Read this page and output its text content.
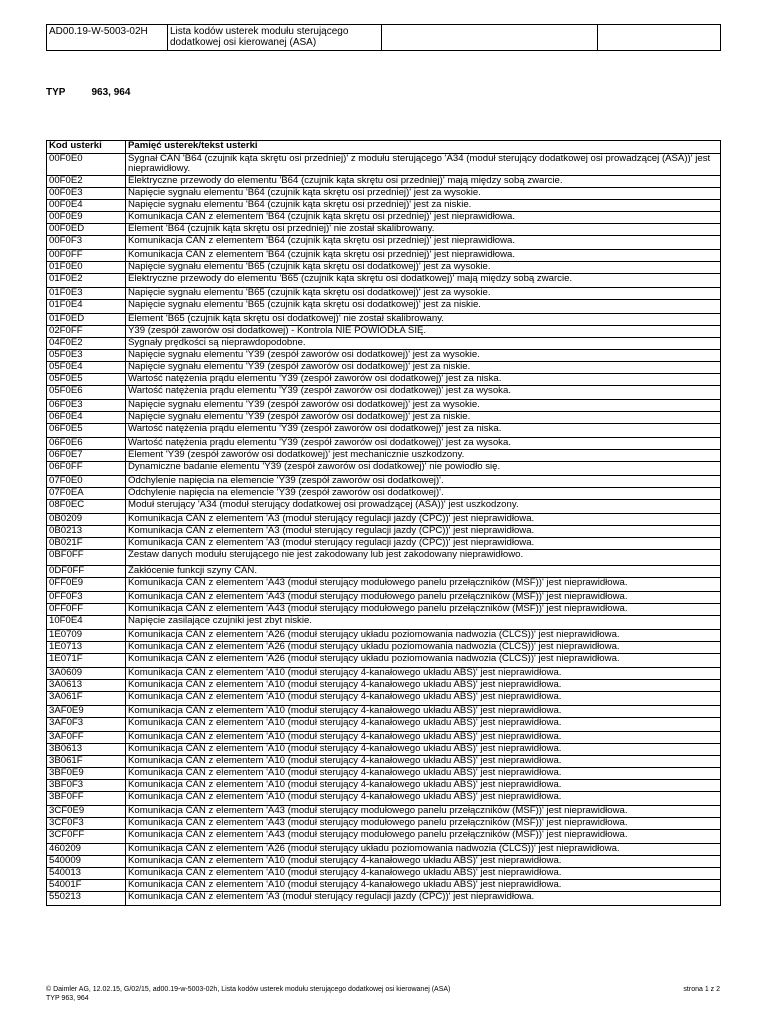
AD00.19-W-5003-02H	Lista kodów usterek modułu sterującego dodatkowej osi kierowanej (ASA)		
TYP	963, 964
Kod usterki	Pamięć usterek/tekst usterki
00F0E0	Sygnał CAN 'B64 (czujnik kąta skrętu osi przedniej)' z modułu sterującego 'A34 (moduł sterujący dodatkowej osi prowadzącej (ASA))' jest nieprawidłowy.
00F0E2	Elektryczne przewody do elementu 'B64 (czujnik kąta skrętu osi przedniej)' mają między sobą zwarcie.
00F0E3	Napięcie sygnału elementu 'B64 (czujnik kąta skrętu osi przedniej)' jest za wysokie.
00F0E4	Napięcie sygnału elementu 'B64 (czujnik kąta skrętu osi przedniej)' jest za niskie.
00F0E9	Komunikacja CAN z elementem 'B64 (czujnik kąta skrętu osi przedniej)' jest nieprawidłowa.
00F0ED	Element 'B64 (czujnik kąta skrętu osi przedniej)' nie został skalibrowany.
00F0F3	Komunikacja CAN z elementem 'B64 (czujnik kąta skrętu osi przedniej)' jest nieprawidłowa.
00F0FF	Komunikacja CAN z elementem 'B64 (czujnik kąta skrętu osi przedniej)' jest nieprawidłowa.
01F0E0	Napięcie sygnału elementu 'B65 (czujnik kąta skrętu osi dodatkowej)' jest za wysokie.
01F0E2	Elektryczne przewody do elementu 'B65 (czujnik kąta skrętu osi dodatkowej)' mają między sobą zwarcie.
01F0E3	Napięcie sygnału elementu 'B65 (czujnik kąta skrętu osi dodatkowej)' jest za wysokie.
01F0E4	Napięcie sygnału elementu 'B65 (czujnik kąta skrętu osi dodatkowej)' jest za niskie.
01F0ED	Element 'B65 (czujnik kąta skrętu osi dodatkowej)' nie został skalibrowany.
02F0FF	Y39 (zespół zaworów osi dodatkowej) - Kontrola NIE POWIODŁA SIĘ.
04F0E2	Sygnały prędkości są nieprawdopodobne.
05F0E3	Napięcie sygnału elementu 'Y39 (zespół zaworów osi dodatkowej)' jest za wysokie.
05F0E4	Napięcie sygnału elementu 'Y39 (zespół zaworów osi dodatkowej)' jest za niskie.
05F0E5	Wartość natężenia prądu elementu 'Y39 (zespół zaworów osi dodatkowej)' jest za niska.
05F0E6	Wartość natężenia prądu elementu 'Y39 (zespół zaworów osi dodatkowej)' jest za wysoka.
06F0E3	Napięcie sygnału elementu 'Y39 (zespół zaworów osi dodatkowej)' jest za wysokie.
06F0E4	Napięcie sygnału elementu 'Y39 (zespół zaworów osi dodatkowej)' jest za niskie.
06F0E5	Wartość natężenia prądu elementu 'Y39 (zespół zaworów osi dodatkowej)' jest za niska.
06F0E6	Wartość natężenia prądu elementu 'Y39 (zespół zaworów osi dodatkowej)' jest za wysoka.
06F0E7	Element 'Y39 (zespół zaworów osi dodatkowej)' jest mechanicznie uszkodzony.
06F0FF	Dynamiczne badanie elementu 'Y39 (zespół zaworów osi dodatkowej)' nie powiodło się.
07F0E0	Odchylenie napięcia na elemencie 'Y39 (zespół zaworów osi dodatkowej)'.
07F0EA	Odchylenie napięcia na elemencie 'Y39 (zespół zaworów osi dodatkowej)'.
08F0EC	Moduł sterujący 'A34 (moduł sterujący dodatkowej osi prowadzącej (ASA))' jest uszkodzony.
0B0209	Komunikacja CAN z elementem 'A3 (moduł sterujący regulacji jazdy (CPC))' jest nieprawidłowa.
0B0213	Komunikacja CAN z elementem 'A3 (moduł sterujący regulacji jazdy (CPC))' jest nieprawidłowa.
0B021F	Komunikacja CAN z elementem 'A3 (moduł sterujący regulacji jazdy (CPC))' jest nieprawidłowa.
0BF0FF	Zestaw danych modułu sterującego nie jest zakodowany lub jest zakodowany nieprawidłowo.
0DF0FF	Zakłócenie funkcji szyny CAN.
0FF0E9	Komunikacja CAN z elementem 'A43 (moduł sterujący modułowego panelu przełączników (MSF))' jest nieprawidłowa.
0FF0F3	Komunikacja CAN z elementem 'A43 (moduł sterujący modułowego panelu przełączników (MSF))' jest nieprawidłowa.
0FF0FF	Komunikacja CAN z elementem 'A43 (moduł sterujący modułowego panelu przełączników (MSF))' jest nieprawidłowa.
10F0E4	Napięcie zasilające czujniki jest zbyt niskie.
1E0709	Komunikacja CAN z elementem 'A26 (moduł sterujący układu poziomowania nadwozia (CLCS))' jest nieprawidłowa.
1E0713	Komunikacja CAN z elementem 'A26 (moduł sterujący układu poziomowania nadwozia (CLCS))' jest nieprawidłowa.
1E071F	Komunikacja CAN z elementem 'A26 (moduł sterujący układu poziomowania nadwozia (CLCS))' jest nieprawidłowa.
3A0609	Komunikacja CAN z elementem 'A10 (moduł sterujący 4-kanałowego układu ABS)' jest nieprawidłowa.
3A0613	Komunikacja CAN z elementem 'A10 (moduł sterujący 4-kanałowego układu ABS)' jest nieprawidłowa.
3A061F	Komunikacja CAN z elementem 'A10 (moduł sterujący 4-kanałowego układu ABS)' jest nieprawidłowa.
3AF0E9	Komunikacja CAN z elementem 'A10 (moduł sterujący 4-kanałowego układu ABS)' jest nieprawidłowa.
3AF0F3	Komunikacja CAN z elementem 'A10 (moduł sterujący 4-kanałowego układu ABS)' jest nieprawidłowa.
3AF0FF	Komunikacja CAN z elementem 'A10 (moduł sterujący 4-kanałowego układu ABS)' jest nieprawidłowa.
3B0613	Komunikacja CAN z elementem 'A10 (moduł sterujący 4-kanałowego układu ABS)' jest nieprawidłowa.
3B061F	Komunikacja CAN z elementem 'A10 (moduł sterujący 4-kanałowego układu ABS)' jest nieprawidłowa.
3BF0E9	Komunikacja CAN z elementem 'A10 (moduł sterujący 4-kanałowego układu ABS)' jest nieprawidłowa.
3BF0F3	Komunikacja CAN z elementem 'A10 (moduł sterujący 4-kanałowego układu ABS)' jest nieprawidłowa.
3BF0FF	Komunikacja CAN z elementem 'A10 (moduł sterujący 4-kanałowego układu ABS)' jest nieprawidłowa.
3CF0E9	Komunikacja CAN z elementem 'A43 (moduł sterujący modułowego panelu przełączników (MSF))' jest nieprawidłowa.
3CF0F3	Komunikacja CAN z elementem 'A43 (moduł sterujący modułowego panelu przełączników (MSF))' jest nieprawidłowa.
3CF0FF	Komunikacja CAN z elementem 'A43 (moduł sterujący modułowego panelu przełączników (MSF))' jest nieprawidłowa.
460209	Komunikacja CAN z elementem 'A26 (moduł sterujący układu poziomowania nadwozia (CLCS))' jest nieprawidłowa.
540009	Komunikacja CAN z elementem 'A10 (moduł sterujący 4-kanałowego układu ABS)' jest nieprawidłowa.
540013	Komunikacja CAN z elementem 'A10 (moduł sterujący 4-kanałowego układu ABS)' jest nieprawidłowa.
54001F	Komunikacja CAN z elementem 'A10 (moduł sterujący 4-kanałowego układu ABS)' jest nieprawidłowa.
550213	Komunikacja CAN z elementem 'A3 (moduł sterujący regulacji jazdy (CPC))' jest nieprawidłowa.
© Daimler AG, 12.02.15, G/02/15, ad00.19-w-5003-02h, Lista kodów usterek modułu sterującego dodatkowej osi kierowanej (ASA)
TYP 963, 964
strona 1 z 2
